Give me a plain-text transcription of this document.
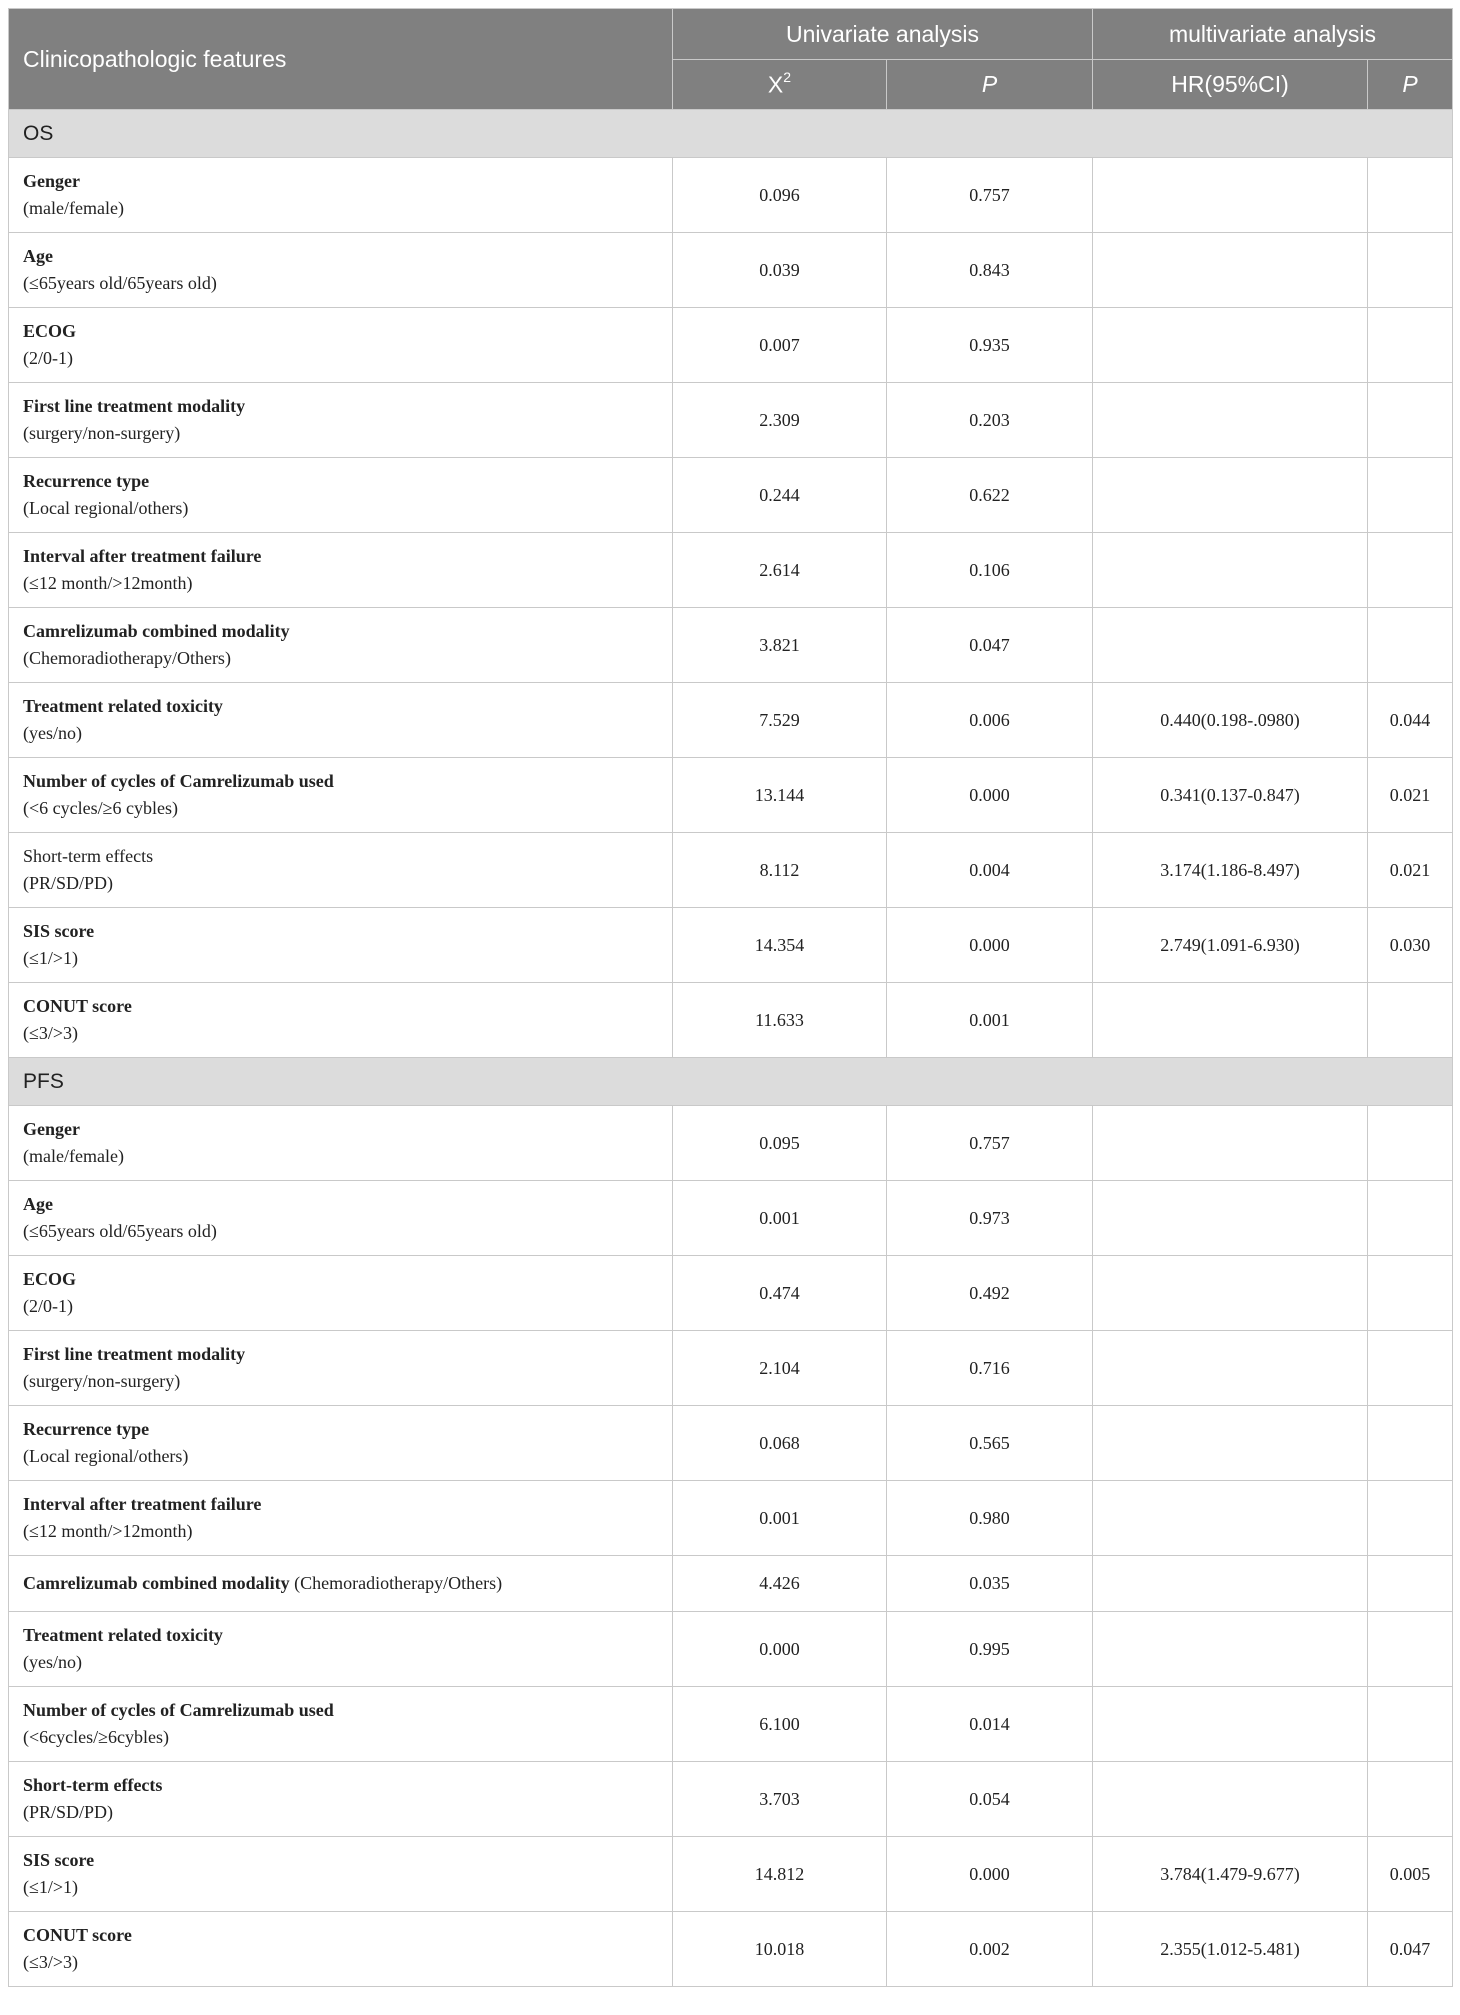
Clinicopathologic features	Univariate analysis		multivariate analysis	
	$X^2$	P	HR(95%CI)	P
OS				
Genger
(male/female)	0.096	0.757		
Age
(≤65years old/65years old)	0.039	0.843		
ECOG
(2/0-1)	0.007	0.935		
First line treatment modality
(surgery/non-surgery)	2.309	0.203		
Recurrence type
(Local regional/others)	0.244	0.622		
Interval after treatment failure
(≤12 month/>12month)	2.614	0.106		
Camrelizumab combined modality
(Chemoradiotherapy/Others)	3.821	0.047		
Treatment related toxicity
(yes/no)	7.529	0.006	0.440(0.198-.0980)	0.044
Number of cycles of Camrelizumab used
(<6 cycles/≥6 cybles)	13.144	0.000	0.341(0.137-0.847)	0.021
Short-term effects
(PR/SD/PD)	8.112	0.004	3.174(1.186-8.497)	0.021
SIS score
(≤1/>1)	14.354	0.000	2.749(1.091-6.930)	0.030
CONUT score
(≤3/>3)	11.633	0.001		
PFS				
Genger
(male/female)	0.095	0.757		
Age
(≤65years old/65years old)	0.001	0.973		
ECOG
(2/0-1)	0.474	0.492		
First line treatment modality
(surgery/non-surgery)	2.104	0.716		
Recurrence type
(Local regional/others)	0.068	0.565		
Interval after treatment failure
(≤12 month/>12month)	0.001	0.980		
Camrelizumab combined modality (Chemoradiotherapy/Others)	4.426	0.035		
Treatment related toxicity
(yes/no)	0.000	0.995		
Number of cycles of Camrelizumab used
(<6cycles/≥6cybles)	6.100	0.014		
Short-term effects
(PR/SD/PD)	3.703	0.054		
SIS score
(≤1/>1)	14.812	0.000	3.784(1.479-9.677)	0.005
CONUT score
(≤3/>3)	10.018	0.002	2.355(1.012-5.481)	0.047
